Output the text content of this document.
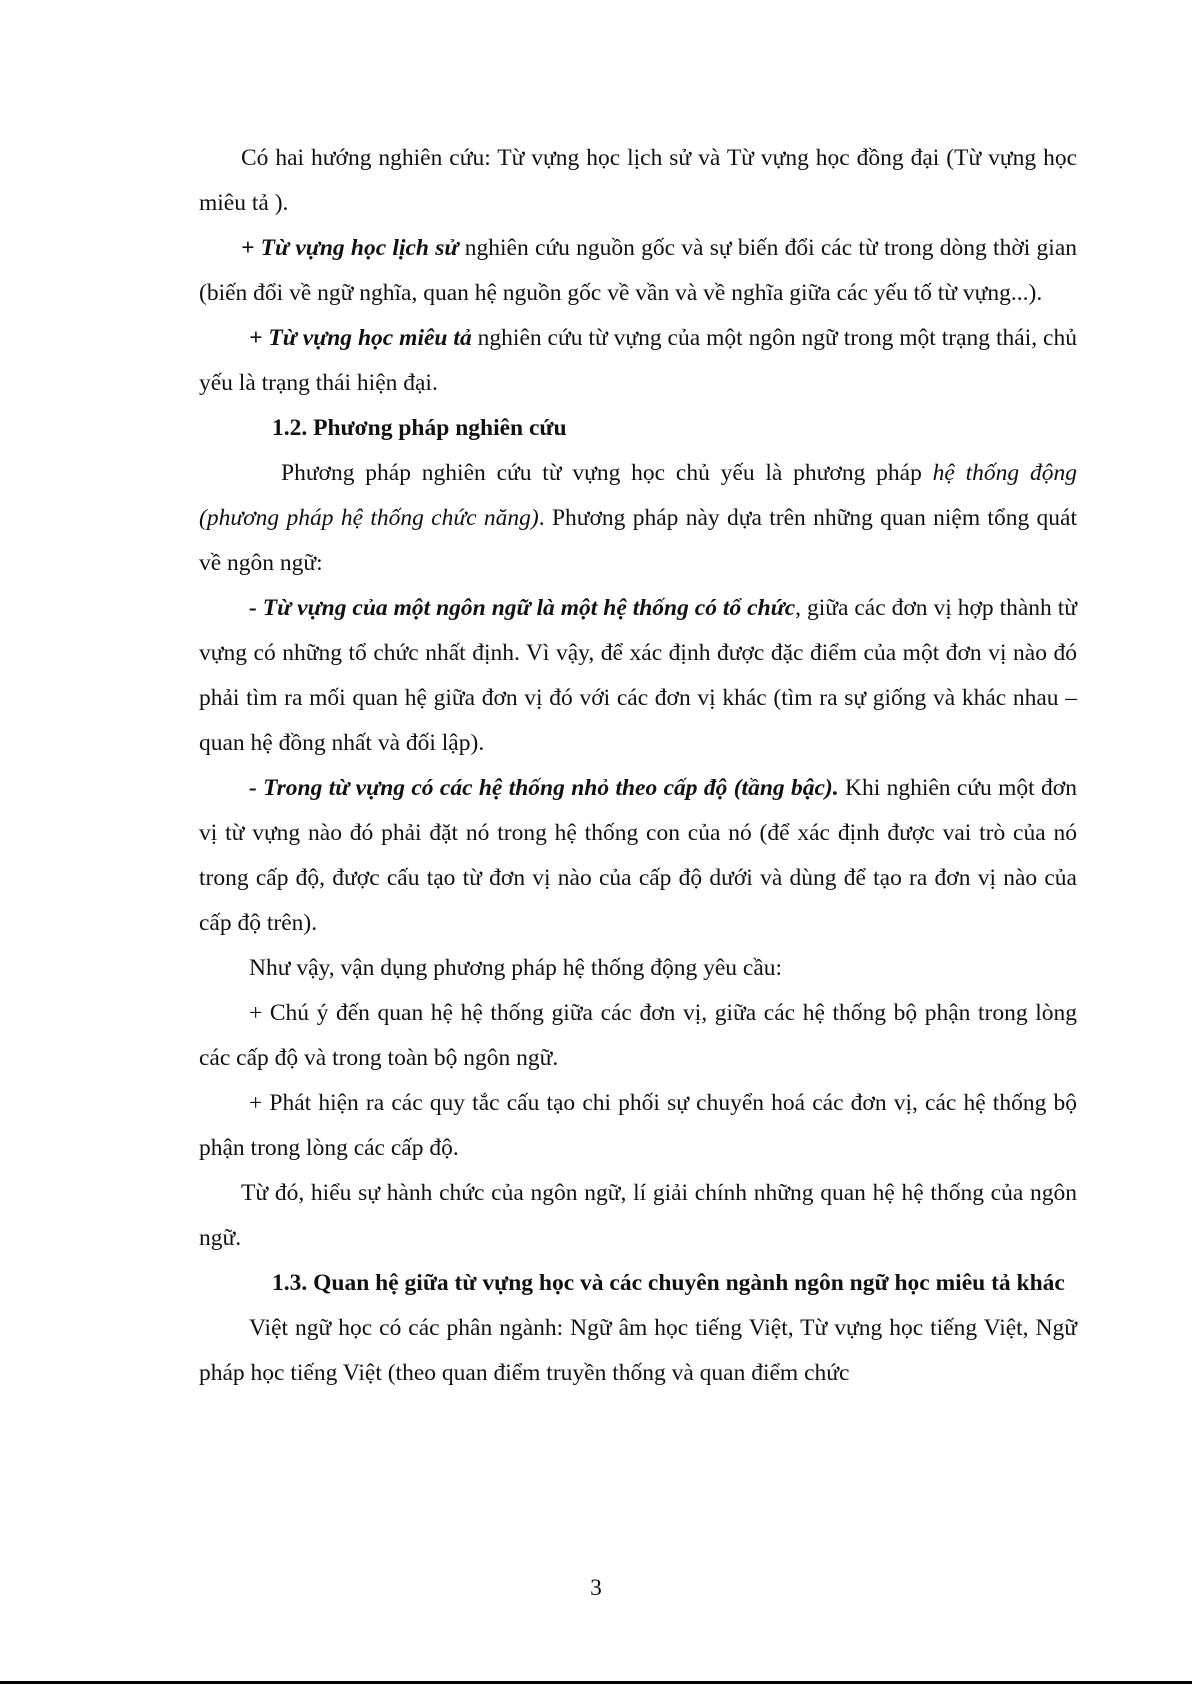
Có hai hướng nghiên cứu: Từ vựng học lịch sử và Từ vựng học đồng đại (Từ vựng học miêu tả ).

+ Từ vựng học lịch sử nghiên cứu nguồn gốc và sự biến đổi các từ trong dòng thời gian (biến đổi về ngữ nghĩa, quan hệ nguồn gốc về vần và về nghĩa giữa các yếu tố từ vựng...).

+ Từ vựng học miêu tả nghiên cứu từ vựng của một ngôn ngữ trong một trạng thái, chủ yếu là trạng thái hiện đại.

1.2. Phương pháp nghiên cứu

Phương pháp nghiên cứu từ vựng học chủ yếu là phương pháp hệ thống động (phương pháp hệ thống chức năng). Phương pháp này dựa trên những quan niệm tổng quát về ngôn ngữ:

- Từ vựng của một ngôn ngữ là một hệ thống có tổ chức, giữa các đơn vị hợp thành từ vựng có những tổ chức nhất định. Vì vậy, để xác định được đặc điểm của một đơn vị nào đó phải tìm ra mối quan hệ giữa đơn vị đó với các đơn vị khác (tìm ra sự giống và khác nhau – quan hệ đồng nhất và đối lập).

- Trong từ vựng có các hệ thống nhỏ theo cấp độ (tầng bậc). Khi nghiên cứu một đơn vị từ vựng nào đó phải đặt nó trong hệ thống con của nó (để xác định được vai trò của nó trong cấp độ, được cấu tạo từ đơn vị nào của cấp độ dưới và dùng để tạo ra đơn vị nào của cấp độ trên).

Như vậy, vận dụng phương pháp hệ thống động yêu cầu:

+ Chú ý đến quan hệ hệ thống giữa các đơn vị, giữa các hệ thống bộ phận trong lòng các cấp độ và trong toàn bộ ngôn ngữ.

+ Phát hiện ra các quy tắc cấu tạo chi phối sự chuyển hoá các đơn vị, các hệ thống bộ phận trong lòng các cấp độ.

Từ đó, hiểu sự hành chức của ngôn ngữ, lí giải chính những quan hệ hệ thống của ngôn ngữ.

1.3. Quan hệ giữa từ vựng học và các chuyên ngành ngôn ngữ học miêu tả khác

Việt ngữ học có các phân ngành: Ngữ âm học tiếng Việt, Từ vựng học tiếng Việt, Ngữ pháp học tiếng Việt (theo quan điểm truyền thống và quan điểm chức

3
